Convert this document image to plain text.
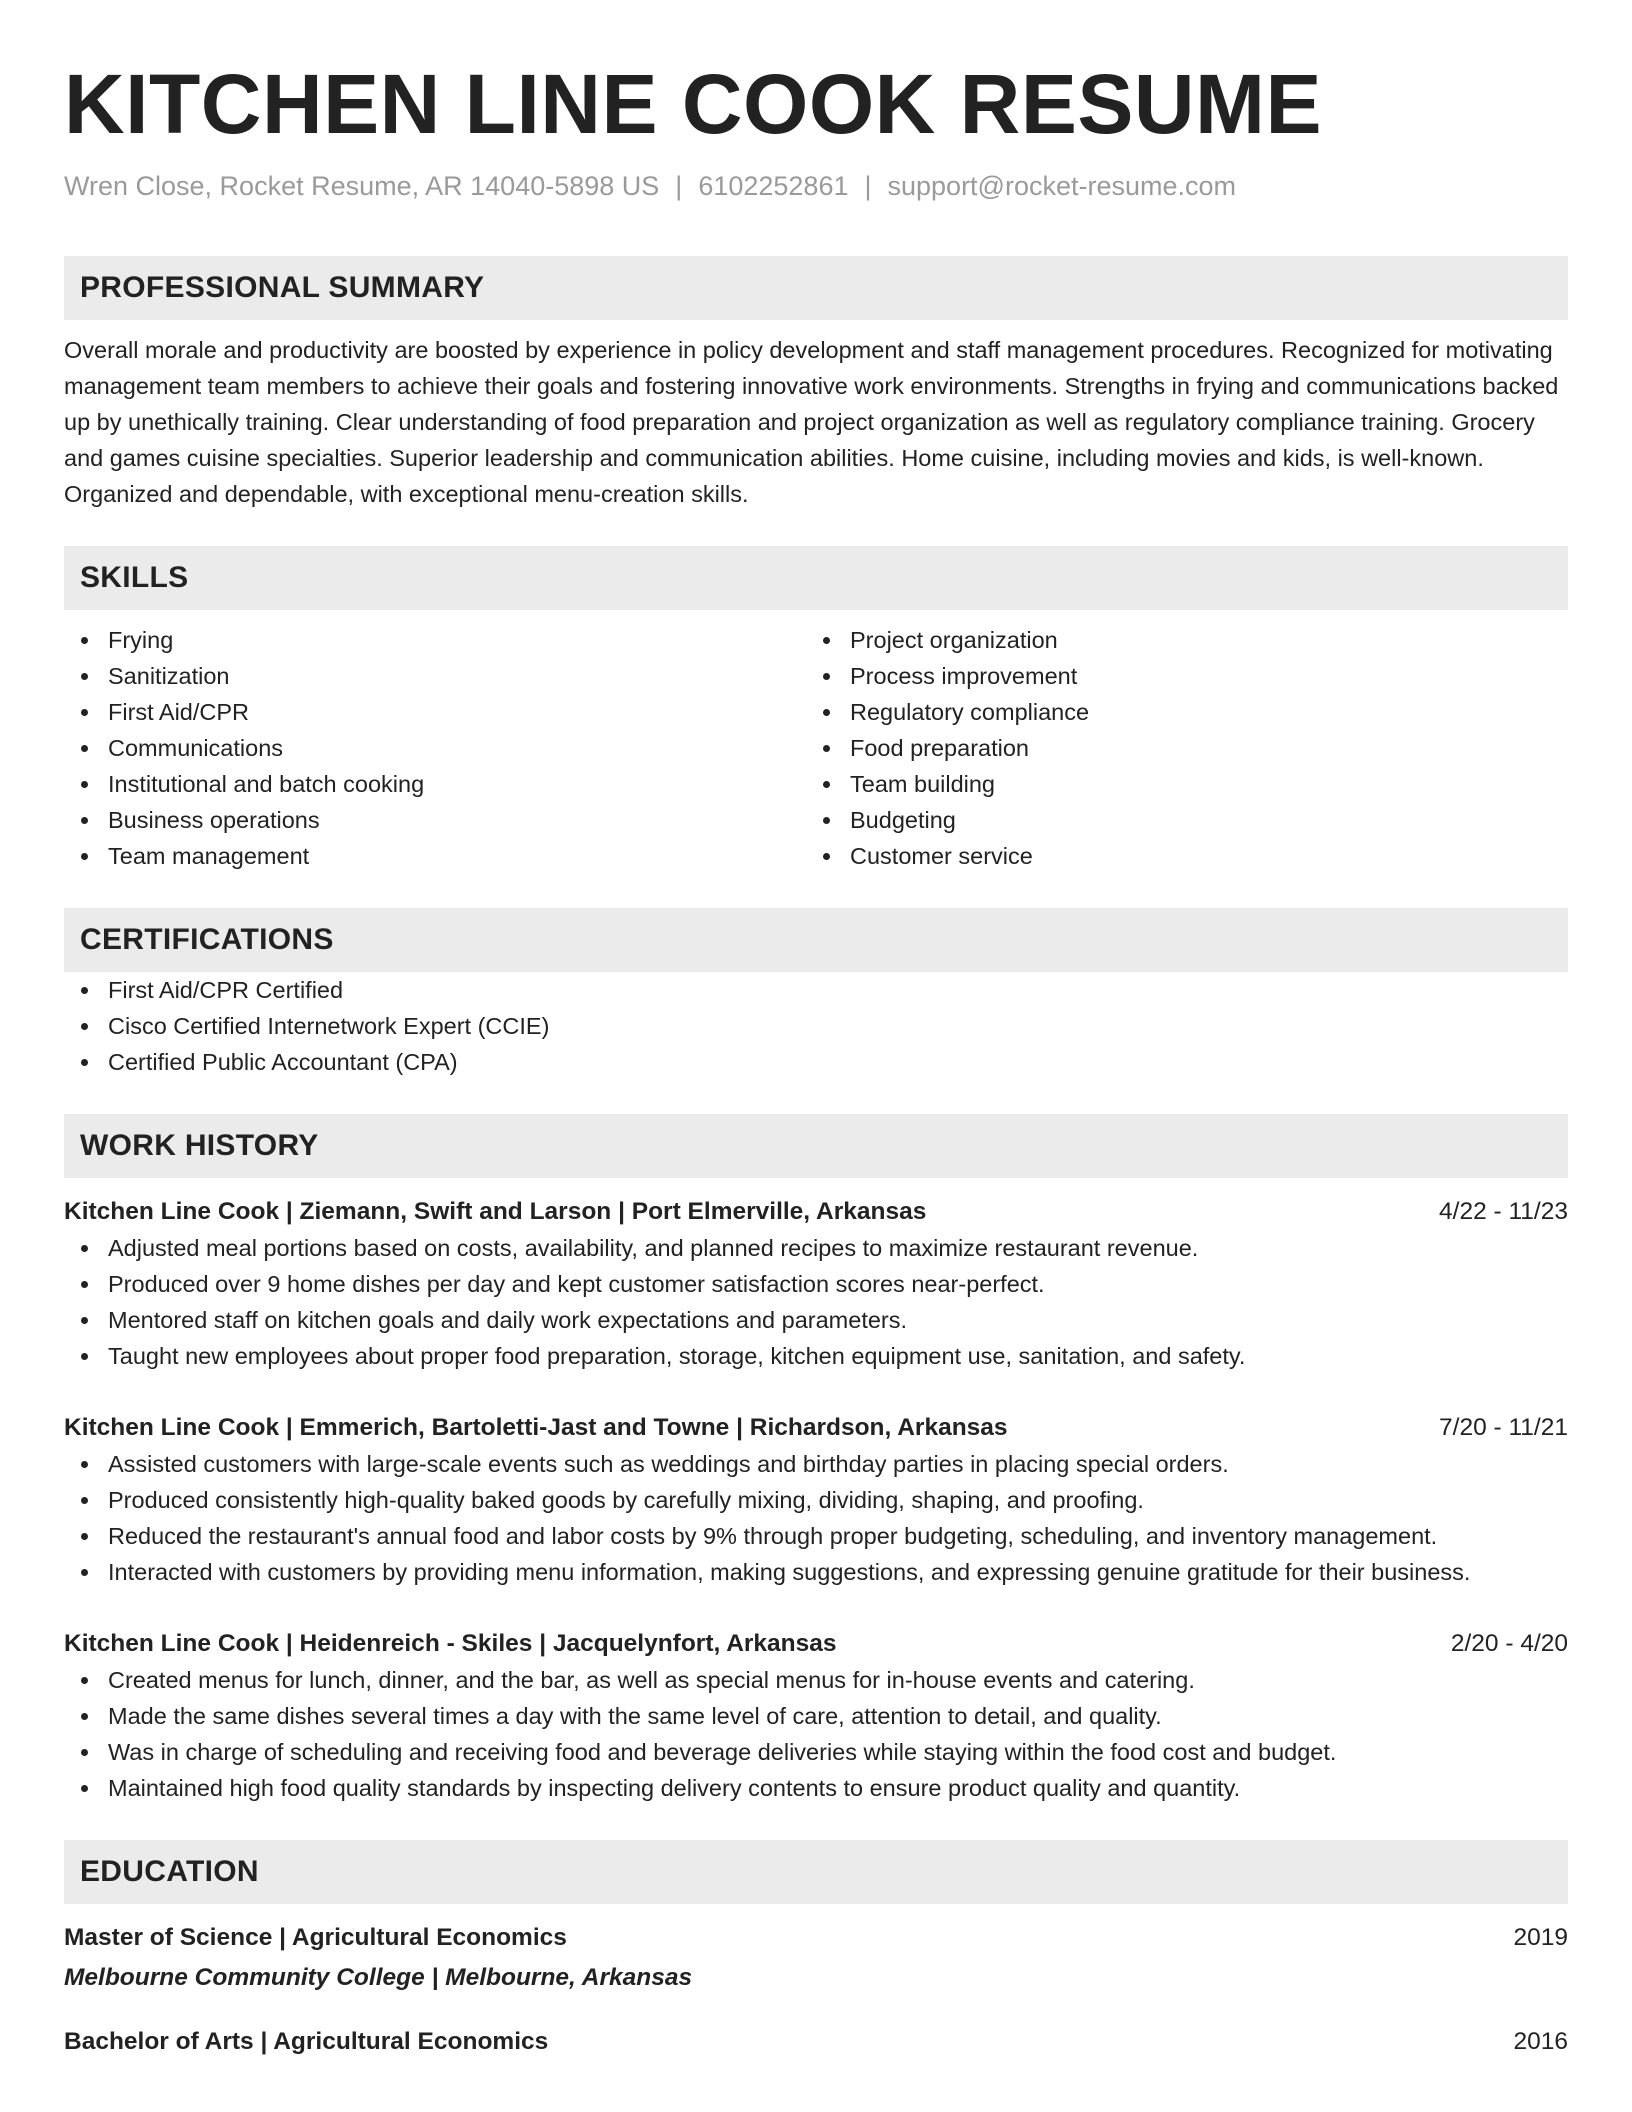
KITCHEN LINE COOK RESUME
Wren Close, Rocket Resume, AR 14040-5898 US | 6102252861 | support@rocket-resume.com
PROFESSIONAL SUMMARY
Overall morale and productivity are boosted by experience in policy development and staff management procedures. Recognized for motivating management team members to achieve their goals and fostering innovative work environments. Strengths in frying and communications backed up by unethically training. Clear understanding of food preparation and project organization as well as regulatory compliance training. Grocery and games cuisine specialties. Superior leadership and communication abilities. Home cuisine, including movies and kids, is well-known. Organized and dependable, with exceptional menu-creation skills.
SKILLS
Frying
Sanitization
First Aid/CPR
Communications
Institutional and batch cooking
Business operations
Team management
Project organization
Process improvement
Regulatory compliance
Food preparation
Team building
Budgeting
Customer service
CERTIFICATIONS
First Aid/CPR Certified
Cisco Certified Internetwork Expert (CCIE)
Certified Public Accountant (CPA)
WORK HISTORY
Kitchen Line Cook | Ziemann, Swift and Larson | Port Elmerville, Arkansas	4/22 - 11/23
Adjusted meal portions based on costs, availability, and planned recipes to maximize restaurant revenue.
Produced over 9 home dishes per day and kept customer satisfaction scores near-perfect.
Mentored staff on kitchen goals and daily work expectations and parameters.
Taught new employees about proper food preparation, storage, kitchen equipment use, sanitation, and safety.
Kitchen Line Cook | Emmerich, Bartoletti-Jast and Towne | Richardson, Arkansas	7/20 - 11/21
Assisted customers with large-scale events such as weddings and birthday parties in placing special orders.
Produced consistently high-quality baked goods by carefully mixing, dividing, shaping, and proofing.
Reduced the restaurant's annual food and labor costs by 9% through proper budgeting, scheduling, and inventory management.
Interacted with customers by providing menu information, making suggestions, and expressing genuine gratitude for their business.
Kitchen Line Cook | Heidenreich - Skiles | Jacquelynfort, Arkansas	2/20 - 4/20
Created menus for lunch, dinner, and the bar, as well as special menus for in-house events and catering.
Made the same dishes several times a day with the same level of care, attention to detail, and quality.
Was in charge of scheduling and receiving food and beverage deliveries while staying within the food cost and budget.
Maintained high food quality standards by inspecting delivery contents to ensure product quality and quantity.
EDUCATION
Master of Science | Agricultural Economics	2019
Melbourne Community College | Melbourne, Arkansas
Bachelor of Arts | Agricultural Economics	2016
